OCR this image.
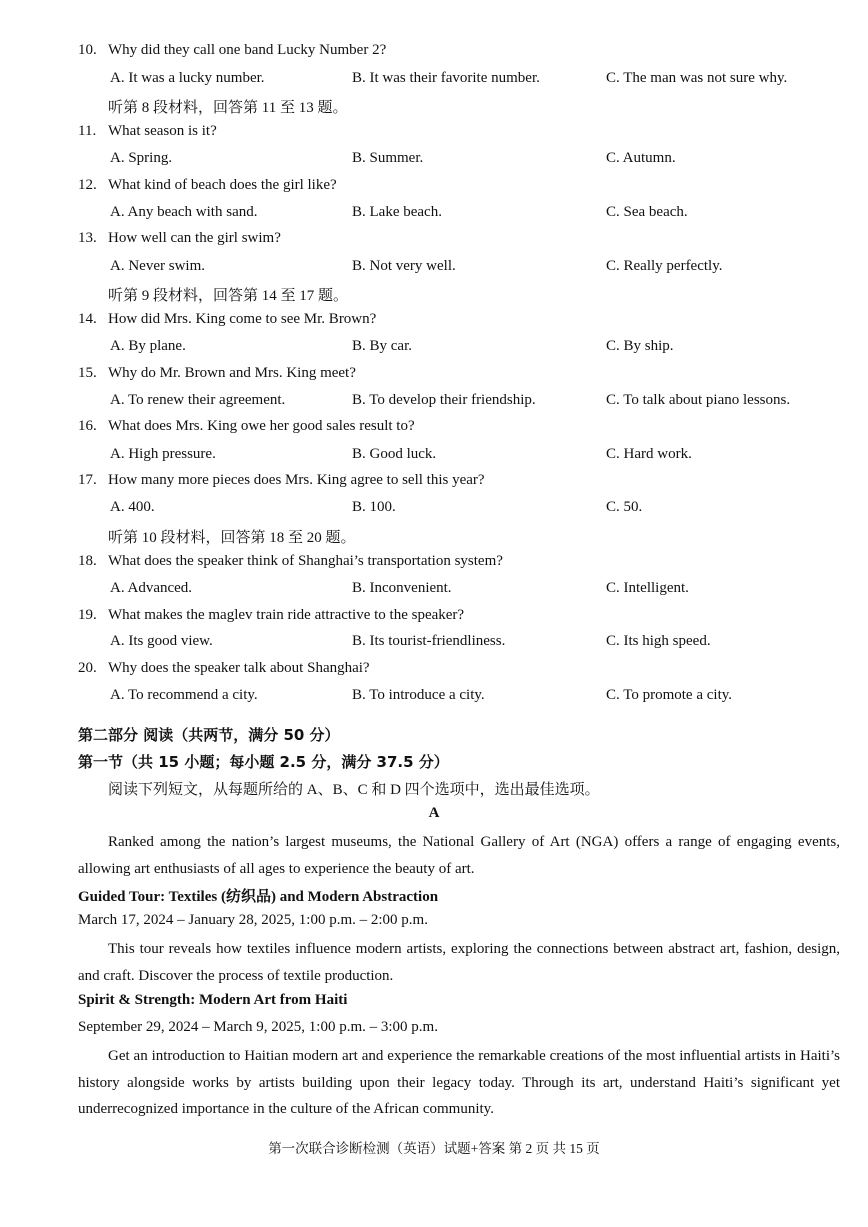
10. Why did they call one band Lucky Number 2?
A. It was a lucky number.	B. It was their favorite number.	C. The man was not sure why.
听第 8 段材料，回答第 11 至 13 题。
11. What season is it?
A. Spring.	B. Summer.	C. Autumn.
12. What kind of beach does the girl like?
A. Any beach with sand.	B. Lake beach.	C. Sea beach.
13. How well can the girl swim?
A. Never swim.	B. Not very well.	C. Really perfectly.
听第 9 段材料，回答第 14 至 17 题。
14. How did Mrs. King come to see Mr. Brown?
A. By plane.	B. By car.	C. By ship.
15. Why do Mr. Brown and Mrs. King meet?
A. To renew their agreement.	B. To develop their friendship.	C. To talk about piano lessons.
16. What does Mrs. King owe her good sales result to?
A. High pressure.	B. Good luck.	C. Hard work.
17. How many more pieces does Mrs. King agree to sell this year?
A. 400.	B. 100.	C. 50.
听第 10 段材料，回答第 18 至 20 题。
18. What does the speaker think of Shanghai’s transportation system?
A. Advanced.	B. Inconvenient.	C. Intelligent.
19. What makes the maglev train ride attractive to the speaker?
A. Its good view.	B. Its tourist-friendliness.	C. Its high speed.
20. Why does the speaker talk about Shanghai?
A. To recommend a city.	B. To introduce a city.	C. To promote a city.
第二部分 阅读（共两节，满分 50 分）
第一节（共 15 小题；每小题 2.5 分，满分 37.5 分）
阅读下列短文，从每题所给的 A、B、C 和 D 四个选项中，选出最佳选项。
A
Ranked among the nation’s largest museums, the National Gallery of Art (NGA) offers a range of engaging events, allowing art enthusiasts of all ages to experience the beauty of art.
Guided Tour: Textiles (纺织品) and Modern Abstraction
March 17, 2024 – January 28, 2025, 1:00 p.m. – 2:00 p.m.
This tour reveals how textiles influence modern artists, exploring the connections between abstract art, fashion, design, and craft. Discover the process of textile production.
Spirit & Strength: Modern Art from Haiti
September 29, 2024 – March 9, 2025, 1:00 p.m. – 3:00 p.m.
Get an introduction to Haitian modern art and experience the remarkable creations of the most influential artists in Haiti’s history alongside works by artists building upon their legacy today. Through its art, understand Haiti’s significant yet underrecognized importance in the culture of the African community.
第一次联合诊断检测（英语）试题+答案 第 2 页 共 15 页
